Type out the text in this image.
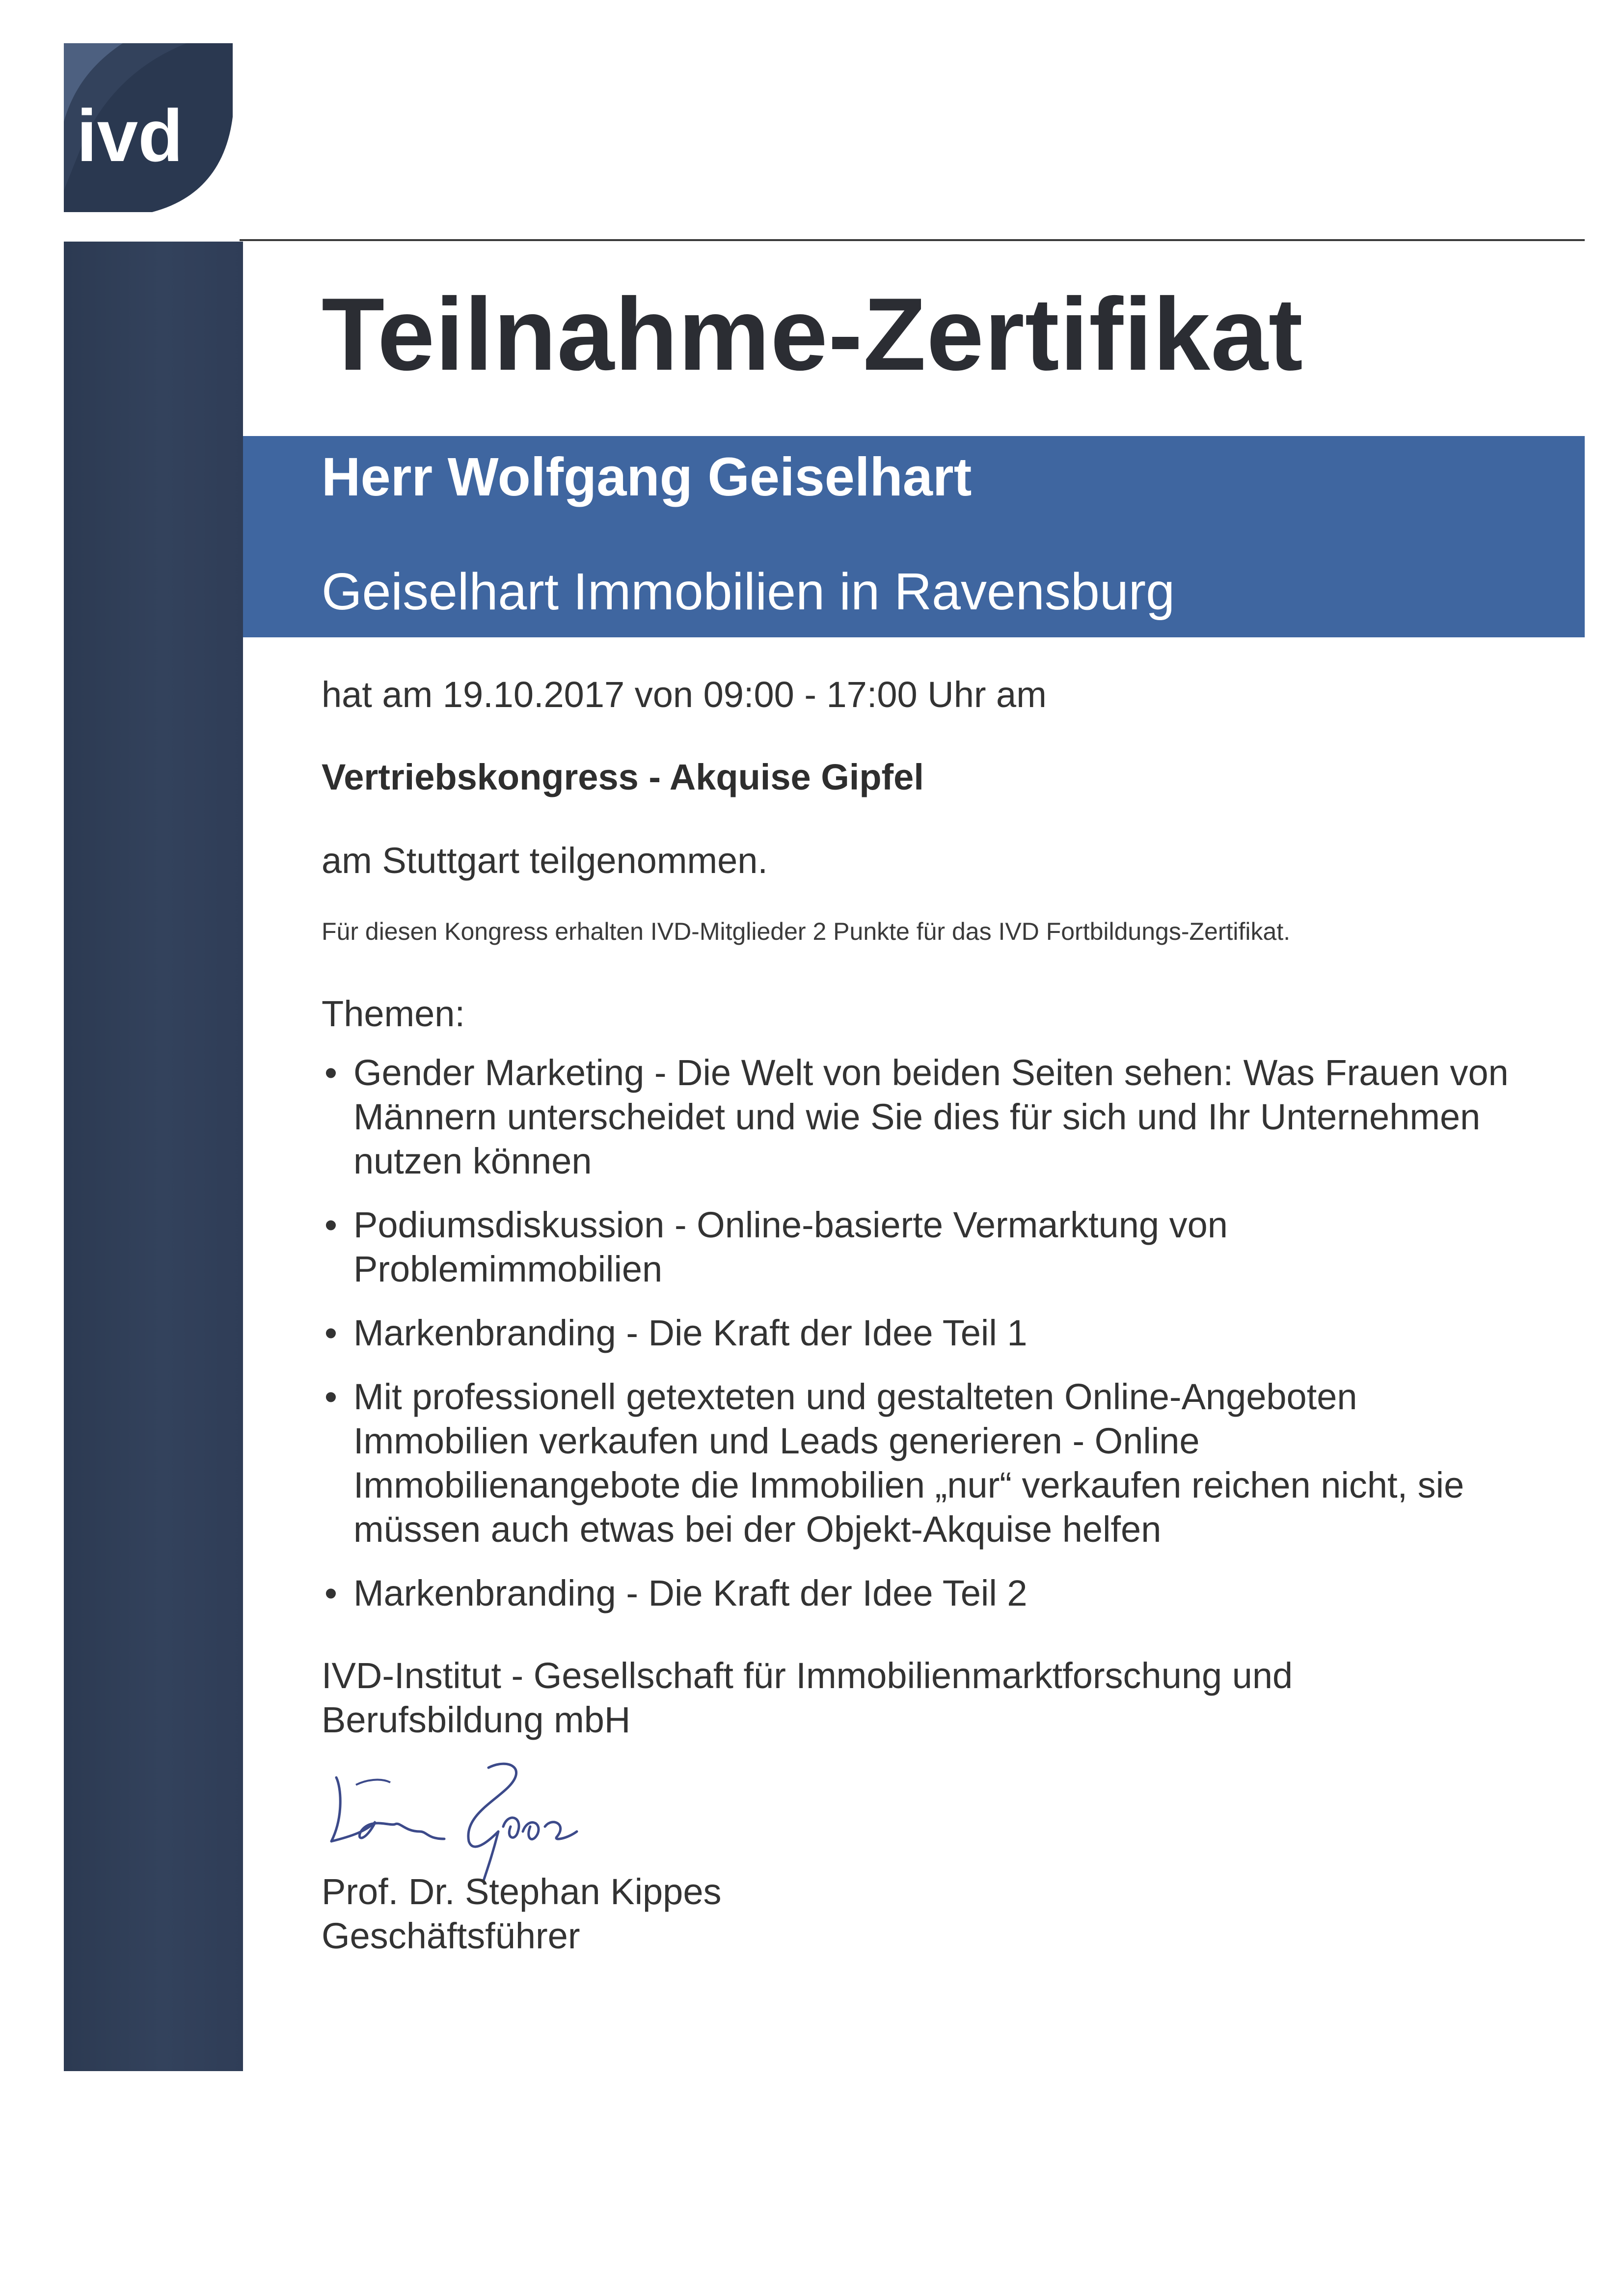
ivd
Teilnahme-Zertifikat
Herr Wolfgang Geiselhart
Geiselhart Immobilien in Ravensburg
hat am 19.10.2017 von 09:00 - 17:00 Uhr am
Vertriebskongress - Akquise Gipfel
am Stuttgart teilgenommen.
Für diesen Kongress erhalten IVD-Mitglieder 2 Punkte für das IVD Fortbildungs-Zertifikat.
Themen:
• Gender Marketing - Die Welt von beiden Seiten sehen: Was Frauen von
Männern unterscheidet und wie Sie dies für sich und Ihr Unternehmen
nutzen können
• Podiumsdiskussion - Online-basierte Vermarktung von
Problemimmobilien
• Markenbranding - Die Kraft der Idee Teil 1
• Mit professionell getexteten und gestalteten Online-Angeboten
Immobilien verkaufen und Leads generieren - Online
Immobilienangebote die Immobilien „nur“ verkaufen reichen nicht, sie
müssen auch etwas bei der Objekt-Akquise helfen
• Markenbranding - Die Kraft der Idee Teil 2
IVD-Institut - Gesellschaft für Immobilienmarktforschung und
Berufsbildung mbH
Prof. Dr. Stephan Kippes
Geschäftsführer
